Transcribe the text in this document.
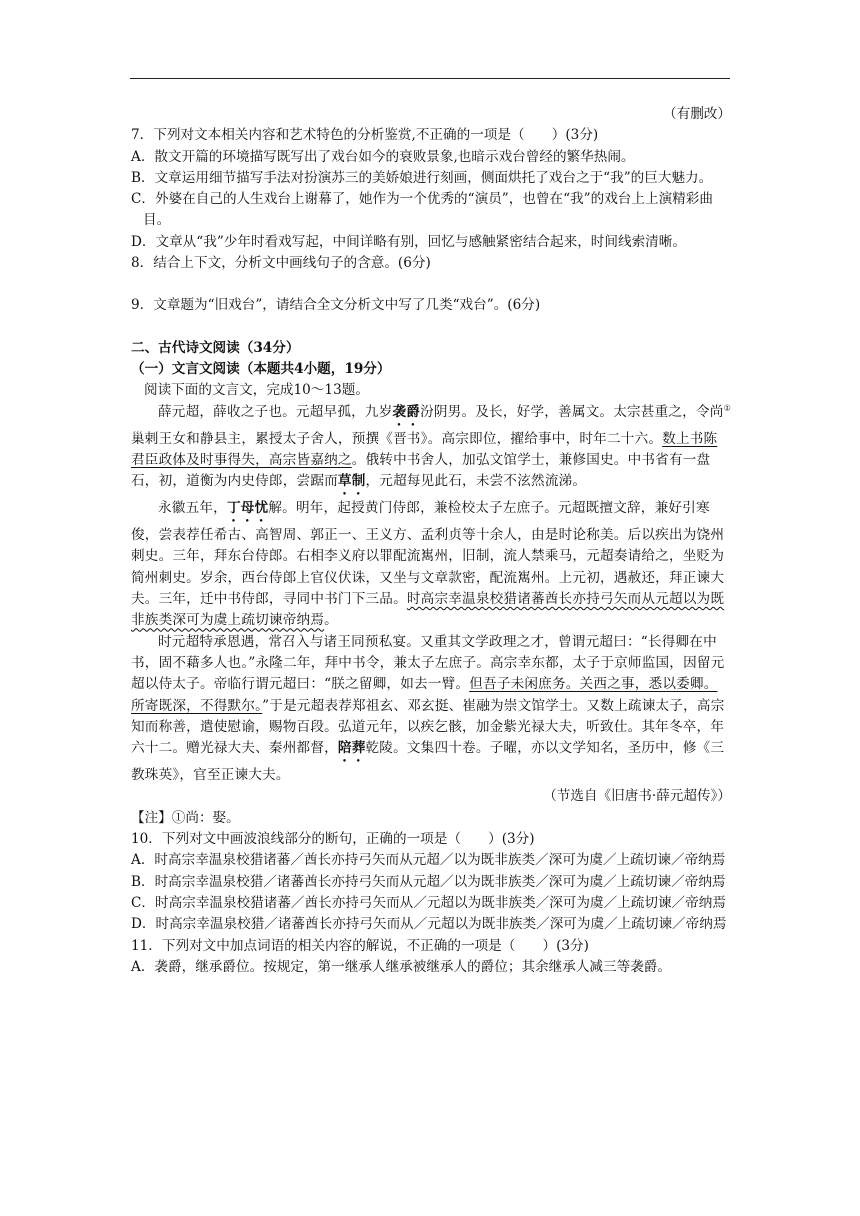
（有删改）

7．下列对文本相关内容和艺术特色的分析鉴赏,不正确的一项是（　　）(3分)

A．散文开篇的环境描写既写出了戏台如今的衰败景象,也暗示戏台曾经的繁华热闹。

B．文章运用细节描写手法对扮演苏三的美娇娘进行刻画，侧面烘托了戏台之于“我”的巨大魅力。

C．外婆在自己的人生戏台上谢幕了，她作为一个优秀的“演员”，也曾在“我”的戏台上上演精彩曲目。

D．文章从“我”少年时看戏写起，中间详略有别，回忆与感触紧密结合起来，时间线索清晰。

8．结合上下文，分析文中画线句子的含意。(6分)

9．文章题为“旧戏台”，请结合全文分析文中写了几类“戏台”。(6分)

二、古代诗文阅读（34分）

（一）文言文阅读（本题共4小题，19分）

阅读下面的文言文，完成10～13题。

薛元超，薛收之子也。元超早孤，九岁袭爵汾阴男。及长，好学，善属文。太宗甚重之，令尚①巢剌王女和静县主，累授太子舍人，预撰《晋书》。高宗即位，擢给事中，时年二十六。数上书陈君臣政体及时事得失，高宗皆嘉纳之。俄转中书舍人，加弘文馆学士，兼修国史。中书省有一盘石，初，道衡为内史侍郎，尝踞而草制，元超每见此石，未尝不泫然流涕。

永徽五年，丁母忧解。明年，起授黄门侍郎，兼检校太子左庶子。元超既擅文辞，兼好引寒俊，尝表荐任希古、高智周、郭正一、王义方、孟利贞等十余人，由是时论称美。后以疾出为饶州刺史。三年，拜东台侍郎。右相李义府以罪配流嶲州，旧制，流人禁乘马，元超奏请给之，坐贬为简州刺史。岁余，西台侍郎上官仪伏诛，又坐与文章款密，配流嶲州。上元初，遇赦还，拜正谏大夫。三年，迁中书侍郎，寻同中书门下三品。时高宗幸温泉校猎诸蕃酋长亦持弓矢而从元超以为既非族类深可为虞上疏切谏帝纳焉。

时元超特承恩遇，常召入与诸王同预私宴。又重其文学政理之才，曾谓元超曰：“长得卿在中书，固不藉多人也。”永隆二年，拜中书令，兼太子左庶子。高宗幸东都，太子于京师监国，因留元超以侍太子。帝临行谓元超曰：“朕之留卿，如去一臂。但吾子未闲庶务。关西之事，悉以委卿。所寄既深，不得默尔。”于是元超表荐郑祖玄、邓玄挺、崔融为崇文馆学士。又数上疏谏太子，高宗知而称善，遣使慰谕，赐物百段。弘道元年，以疾乞骸，加金紫光禄大夫，听致仕。其年冬卒，年六十二。赠光禄大夫、秦州都督，陪葬乾陵。文集四十卷。子曜，亦以文学知名，圣历中，修《三教珠英》，官至正谏大夫。

（节选自《旧唐书·薛元超传》）

【注】①尚：娶。

10．下列对文中画波浪线部分的断句，正确的一项是（　　）(3分)

A．时高宗幸温泉校猎诸蕃／酋长亦持弓矢而从元超／以为既非族类／深可为虞／上疏切谏／帝纳焉

B．时高宗幸温泉校猎／诸蕃酋长亦持弓矢而从元超／以为既非族类／深可为虞／上疏切谏／帝纳焉

C．时高宗幸温泉校猎诸蕃／酋长亦持弓矢而从／元超以为既非族类／深可为虞／上疏切谏／帝纳焉

D．时高宗幸温泉校猎／诸蕃酋长亦持弓矢而从／元超以为既非族类／深可为虞／上疏切谏／帝纳焉

11．下列对文中加点词语的相关内容的解说，不正确的一项是（　　）(3分)

A．袭爵，继承爵位。按规定，第一继承人继承被继承人的爵位；其余继承人减三等袭爵。
